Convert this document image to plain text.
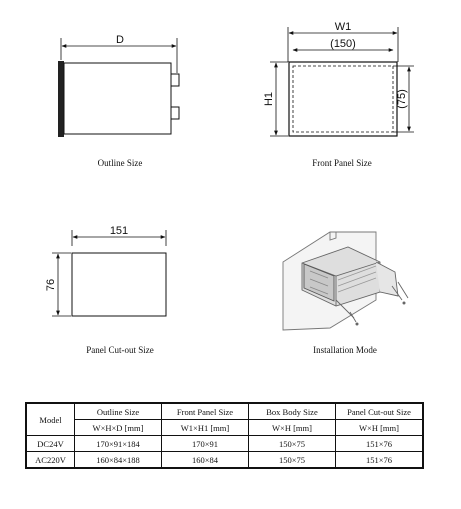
D
W1
(150)
H1	(75)
151
76
Outline Size	Front Panel Size
Panel Cut-out Size	Installation Mode
Model	Outline Size	Front Panel Size	Box Body Size	Panel Cut-out Size
	W×H×D [mm]	W1×H1 [mm]	W×H [mm]	W×H [mm]
DC24V	170×91×184	170×91	150×75	151×76
AC220V	160×84×188	160×84	150×75	151×76
